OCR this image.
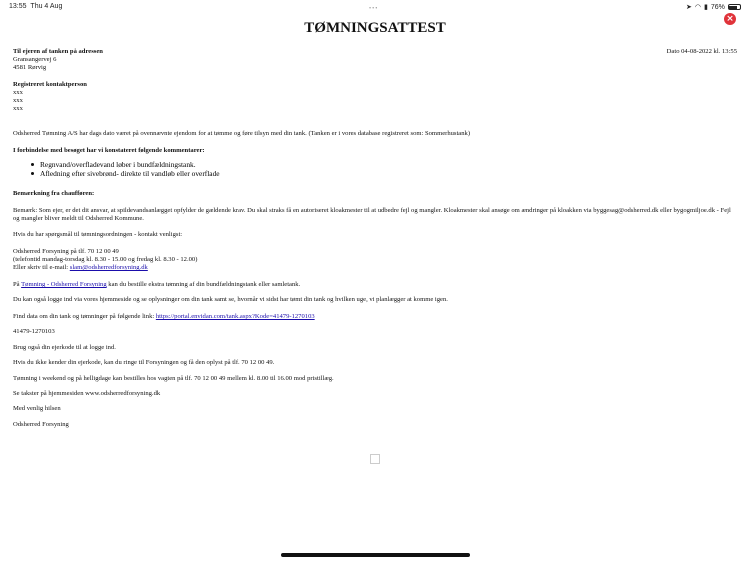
13:55 Thu 4 Aug	•••	➤ ◠ ▮ 76%
×
TØMNINGSATTEST
Dato 04-08-2022 kl. 13:55
Til ejeren af tanken på adressen
Gransangervej 6
4581 Rørvig
Registreret kontaktperson
xxx
xxx
xxx
Odsherred Tømning A/S har dags dato været på ovennævnte ejendom for at tømme og føre tilsyn med din tank. (Tanken er i vores database registreret som: Sommerhustank)
I forbindelse med besøget har vi konstateret følgende kommentarer:
Regnvand/overfladevand løber i bundfældningstank.
Afledning efter sivebrønd- direkte til vandløb eller overflade
Bemærkning fra chaufføren:
Bemærk: Som ejer, er det dit ansvar, at spildevandsanlægget opfylder de gældende krav. Du skal straks få en autoriseret kloakmester til at udbedre fejl og mangler. Kloakmester skal ansøge om ændringer på kloakken via byggesag@odsherred.dk eller bygogmiljoe.dk - Fejl
og mangler bliver meldt til Odsherred Kommune.
Hvis du har spørgsmål til tømningsordningen - kontakt venligst:
Odsherred Forsyning på tlf. 70 12 00 49
(telefontid mandag-torsdag kl. 8.30 - 15.00 og fredag kl. 8.30 - 12.00)
Eller skriv til e-mail: slam@odsherredforsyning.dk
På Tømning - Odsherred Forsyning kan du bestille ekstra tømning af din bundfældningstank eller samletank.
Du kan også logge ind via vores hjemmeside og se oplysninger om din tank samt se, hvornår vi sidst har tømt din tank og hvilken uge, vi planlægger at komme igen.
Find data om din tank og tømninger på følgende link: https://portal.envidan.com/tank.aspx?Kode=41479-1270103
41479-1270103
Brug også din ejerkode til at logge ind.
Hvis du ikke kender din ejerkode, kan du ringe til Forsyningen og få den oplyst på tlf. 70 12 00 49.
Tømning i weekend og på helligdage kan bestilles hos vagten på tlf. 70 12 00 49 mellem kl. 8.00 til 16.00 mod pristillæg.
Se takster på hjemmesiden www.odsherredforsyning.dk
Med venlig hilsen
Odsherred Forsyning
